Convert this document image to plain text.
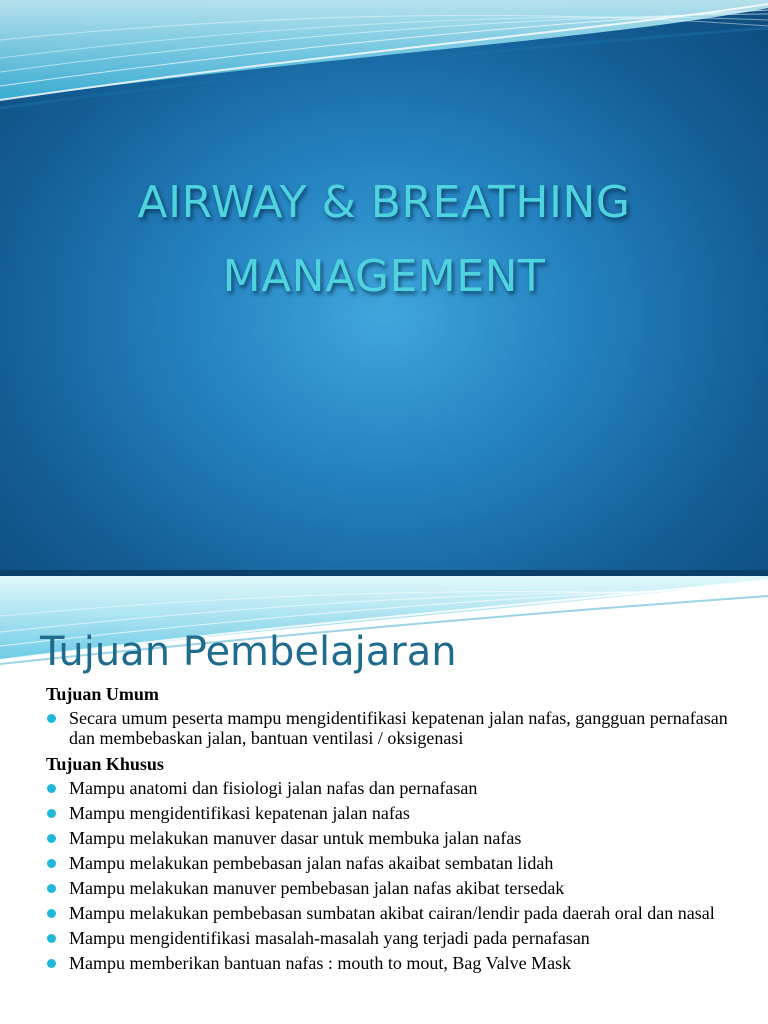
AIRWAY & BREATHING
MANAGEMENT
Tujuan Pembelajaran
Tujuan Umum
Secara umum peserta mampu mengidentifikasi kepatenan jalan nafas, gangguan pernafasan dan membebaskan jalan, bantuan ventilasi / oksigenasi
Tujuan Khusus
Mampu anatomi dan fisiologi jalan nafas dan pernafasan
Mampu mengidentifikasi kepatenan jalan nafas
Mampu melakukan manuver dasar untuk membuka jalan nafas
Mampu melakukan pembebasan jalan nafas akaibat sembatan lidah
Mampu melakukan manuver pembebasan jalan nafas akibat tersedak
Mampu melakukan pembebasan sumbatan akibat cairan/lendir pada daerah oral dan nasal
Mampu mengidentifikasi masalah-masalah yang terjadi pada pernafasan
Mampu memberikan bantuan nafas : mouth to mout, Bag Valve Mask
